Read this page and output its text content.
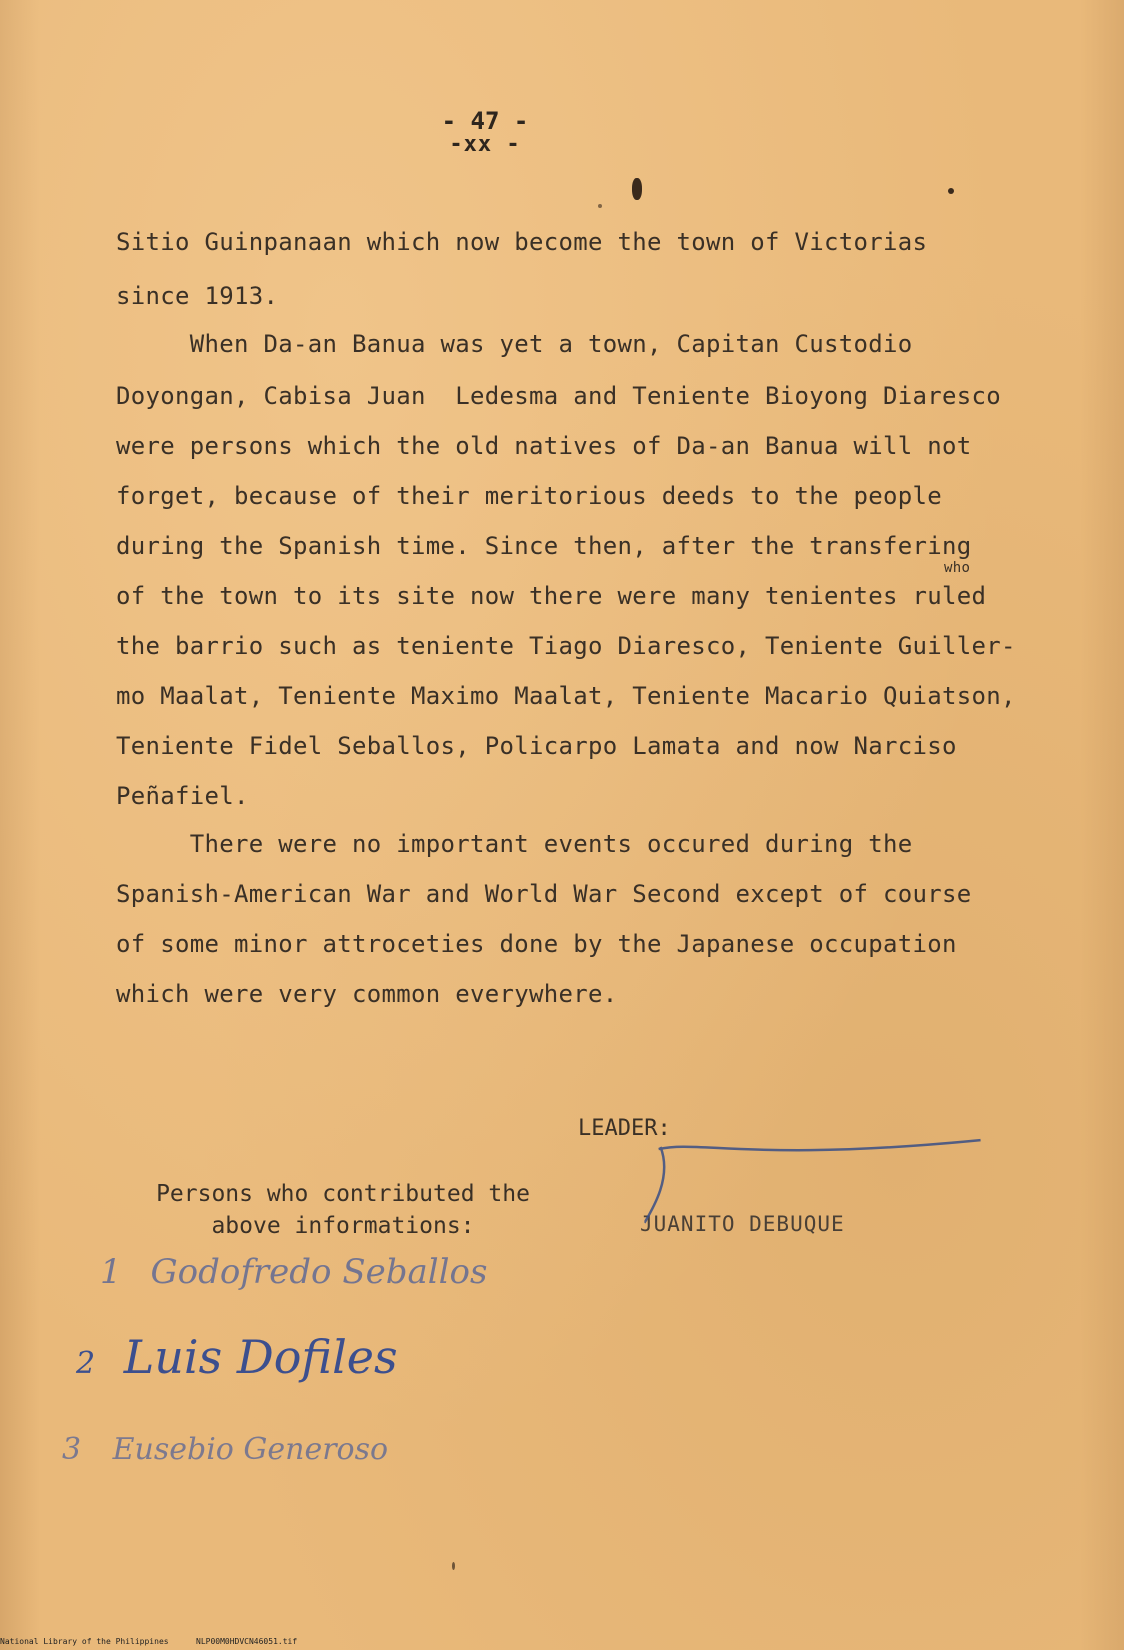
- 47 -
-xx -
Sitio Guinpanaan which now become the town of Victorias
since 1913.
When Da-an Banua was yet a town, Capitan Custodio
Doyongan, Cabisa Juan  Ledesma and Teniente Bioyong Diaresco
were persons which the old natives of Da-an Banua will not
forget, because of their meritorious deeds to the people
during the Spanish time. Since then, after the transfering
of the town to its site now there were many tenientes ruled
who
the barrio such as teniente Tiago Diaresco, Teniente Guiller-
mo Maalat, Teniente Maximo Maalat, Teniente Macario Quiatson,
Teniente Fidel Seballos, Policarpo Lamata and now Narciso
Peñafiel.
There were no important events occured during the
Spanish-American War and World War Second except of course
of some minor attroceties done by the Japanese occupation
which were very common everywhere.
LEADER:
JUANITO DEBUQUE
Persons who contributed the
above informations:
1 Godofredo Seballos
2 Luis Dofiles
3 Eusebio Generoso
National Library of the Philippines	NLP00M0HDVCN46051.tif
